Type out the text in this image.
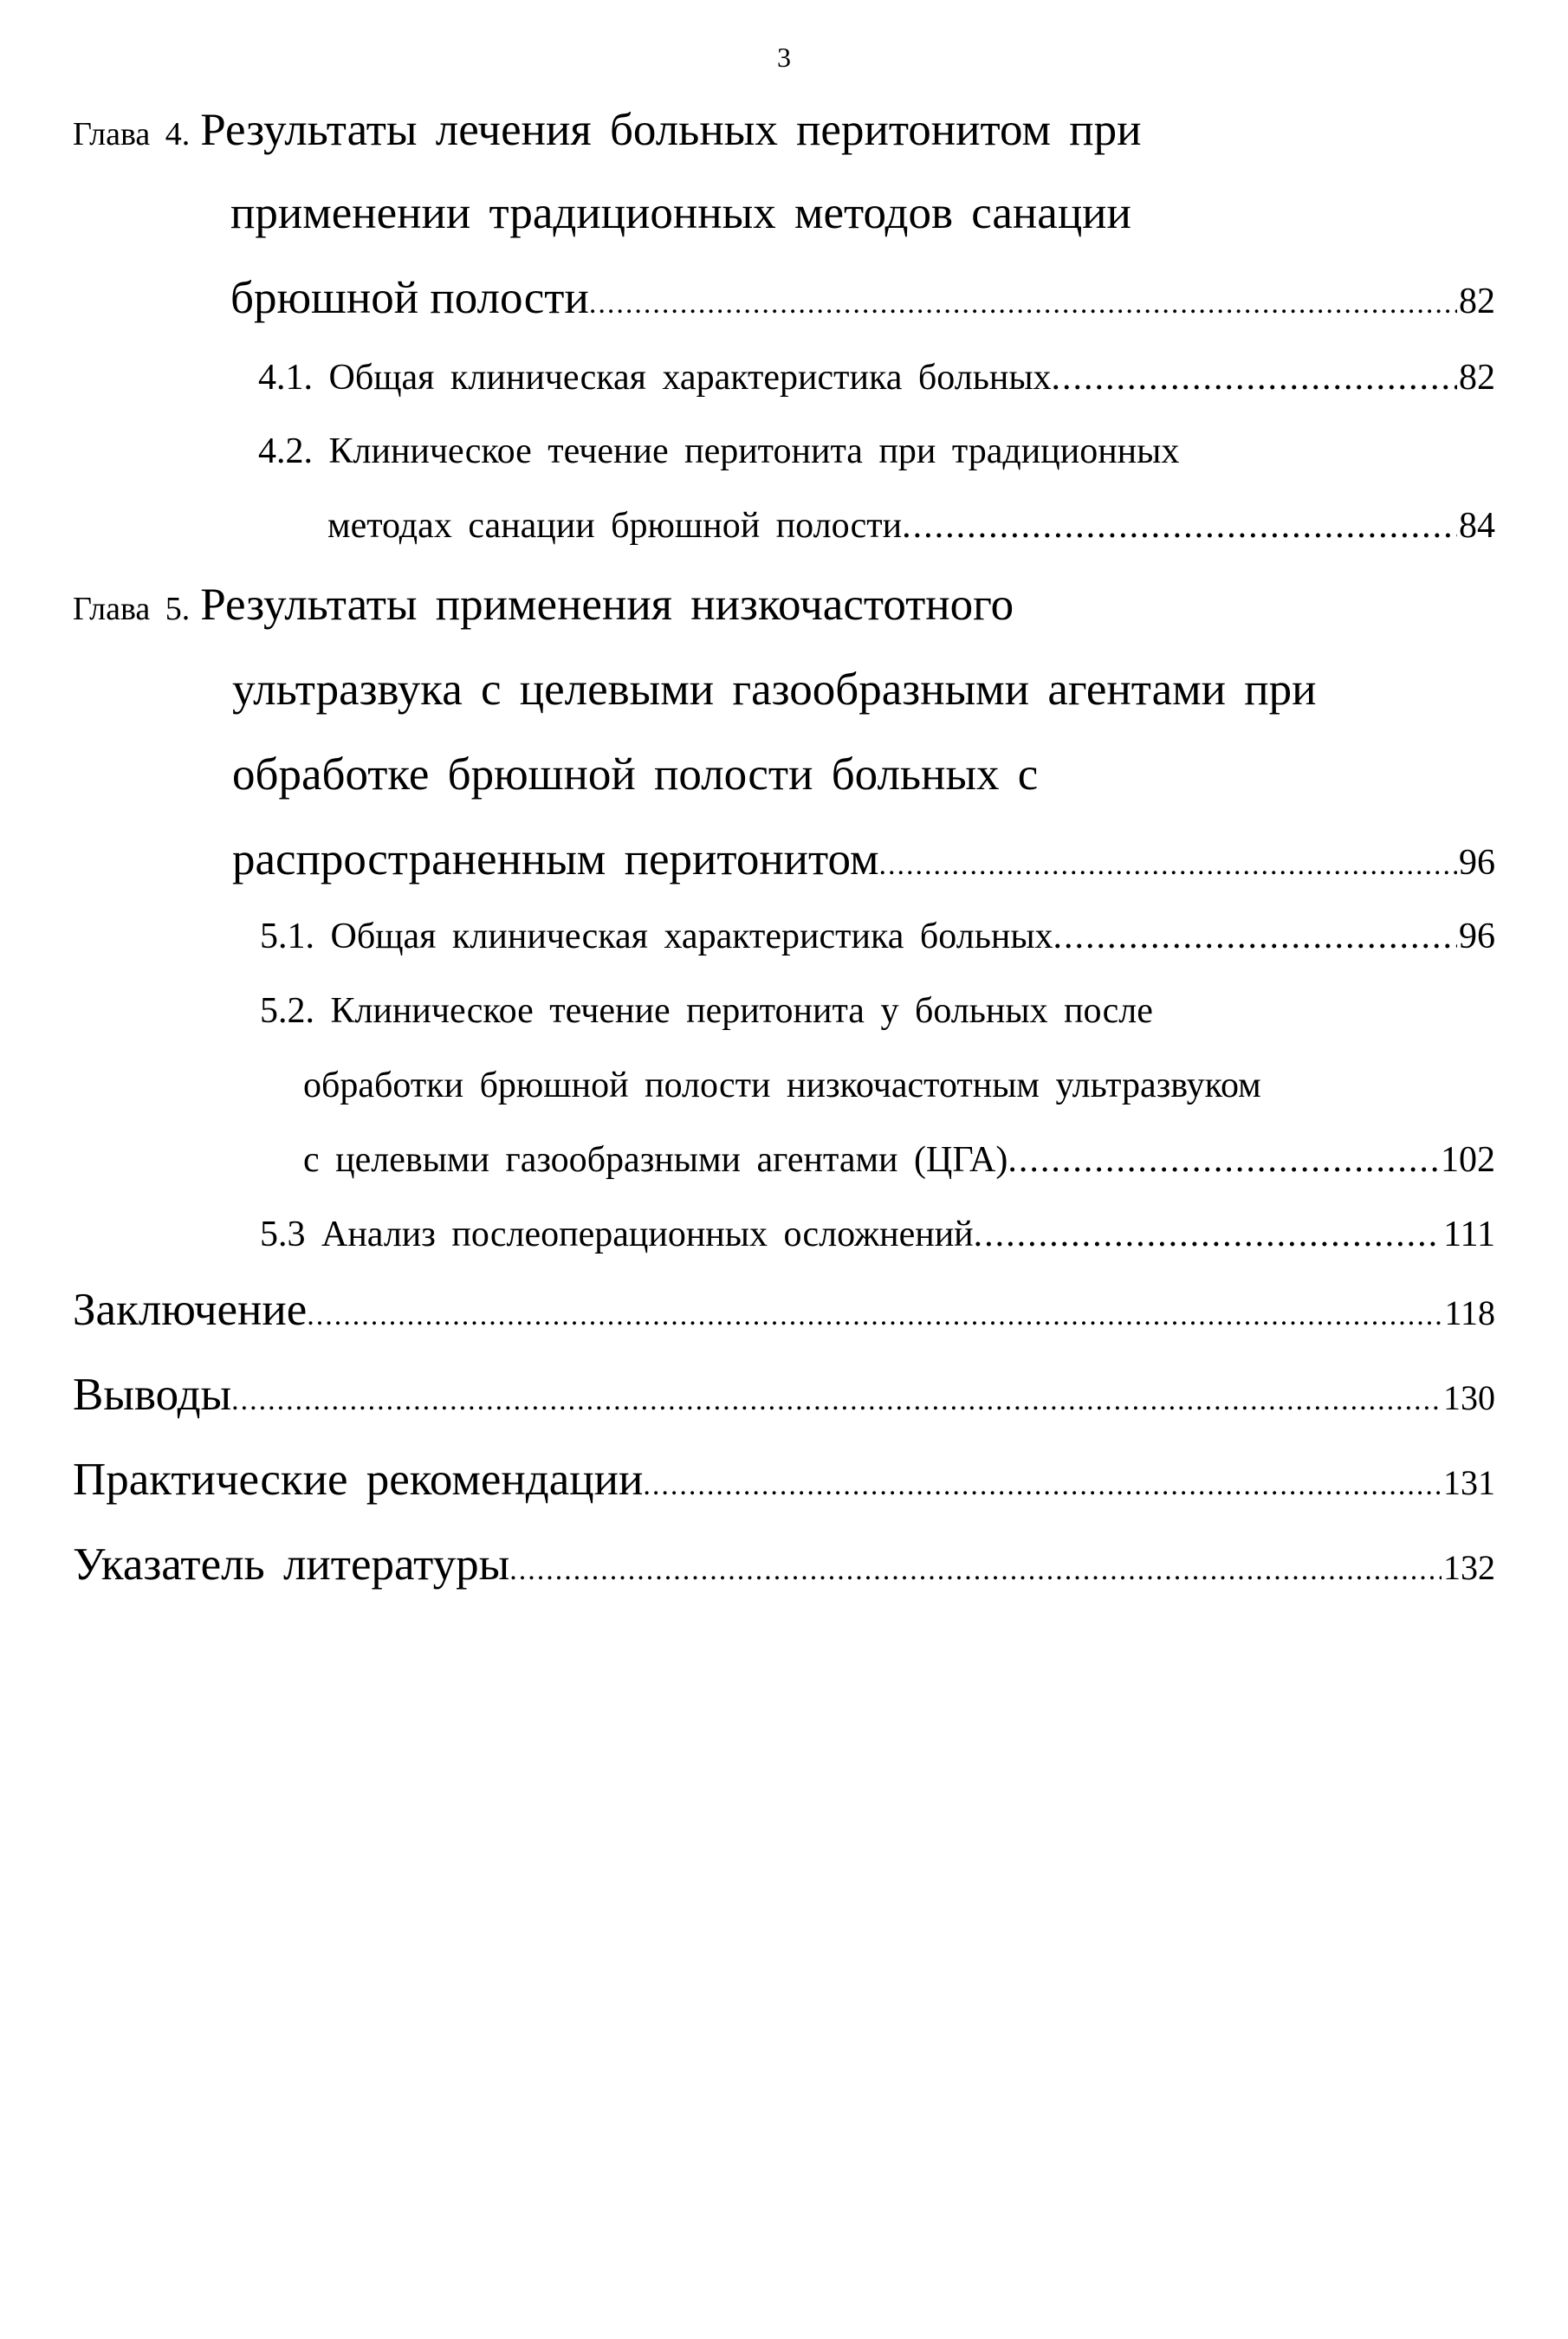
3
Глава 4. Результаты лечения больных перитонитом при
применении традиционных методов санации
брюшной полости .....	82
4.1. Общая клиническая характеристика больных .....	82
4.2. Клиническое течение перитонита при традиционных
методах санации брюшной полости .....	84
Глава 5. Результаты применения низкочастотного
ультразвука с целевыми газообразными агентами при
обработке брюшной полости больных с
распространенным перитонитом .....	96
5.1. Общая клиническая характеристика больных .....	96
5.2. Клиническое течение перитонита у больных после
обработки брюшной полости низкочастотным ультразвуком
с целевыми газообразными агентами (ЦГА) .....	102
5.3 Анализ послеоперационных осложнений .....	111
Заключение .....	118
Выводы .....	130
Практические рекомендации .....	131
Указатель литературы .....	132
